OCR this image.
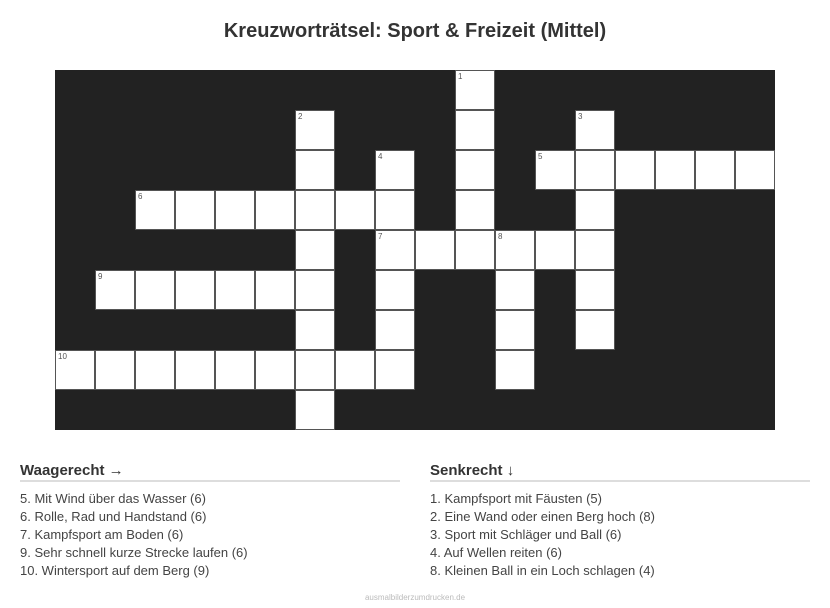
Kreuzworträtsel: Sport & Freizeit (Mittel)
1
2	3
4	5
6
7	8
9
10
Waagerecht →
5. Mit Wind über das Wasser (6)
6. Rolle, Rad und Handstand (6)
7. Kampfsport am Boden (6)
9. Sehr schnell kurze Strecke laufen (6)
10. Wintersport auf dem Berg (9)
Senkrecht ↓
1. Kampfsport mit Fäusten (5)
2. Eine Wand oder einen Berg hoch (8)
3. Sport mit Schläger und Ball (6)
4. Auf Wellen reiten (6)
8. Kleinen Ball in ein Loch schlagen (4)
ausmalbilderzumdrucken.de
